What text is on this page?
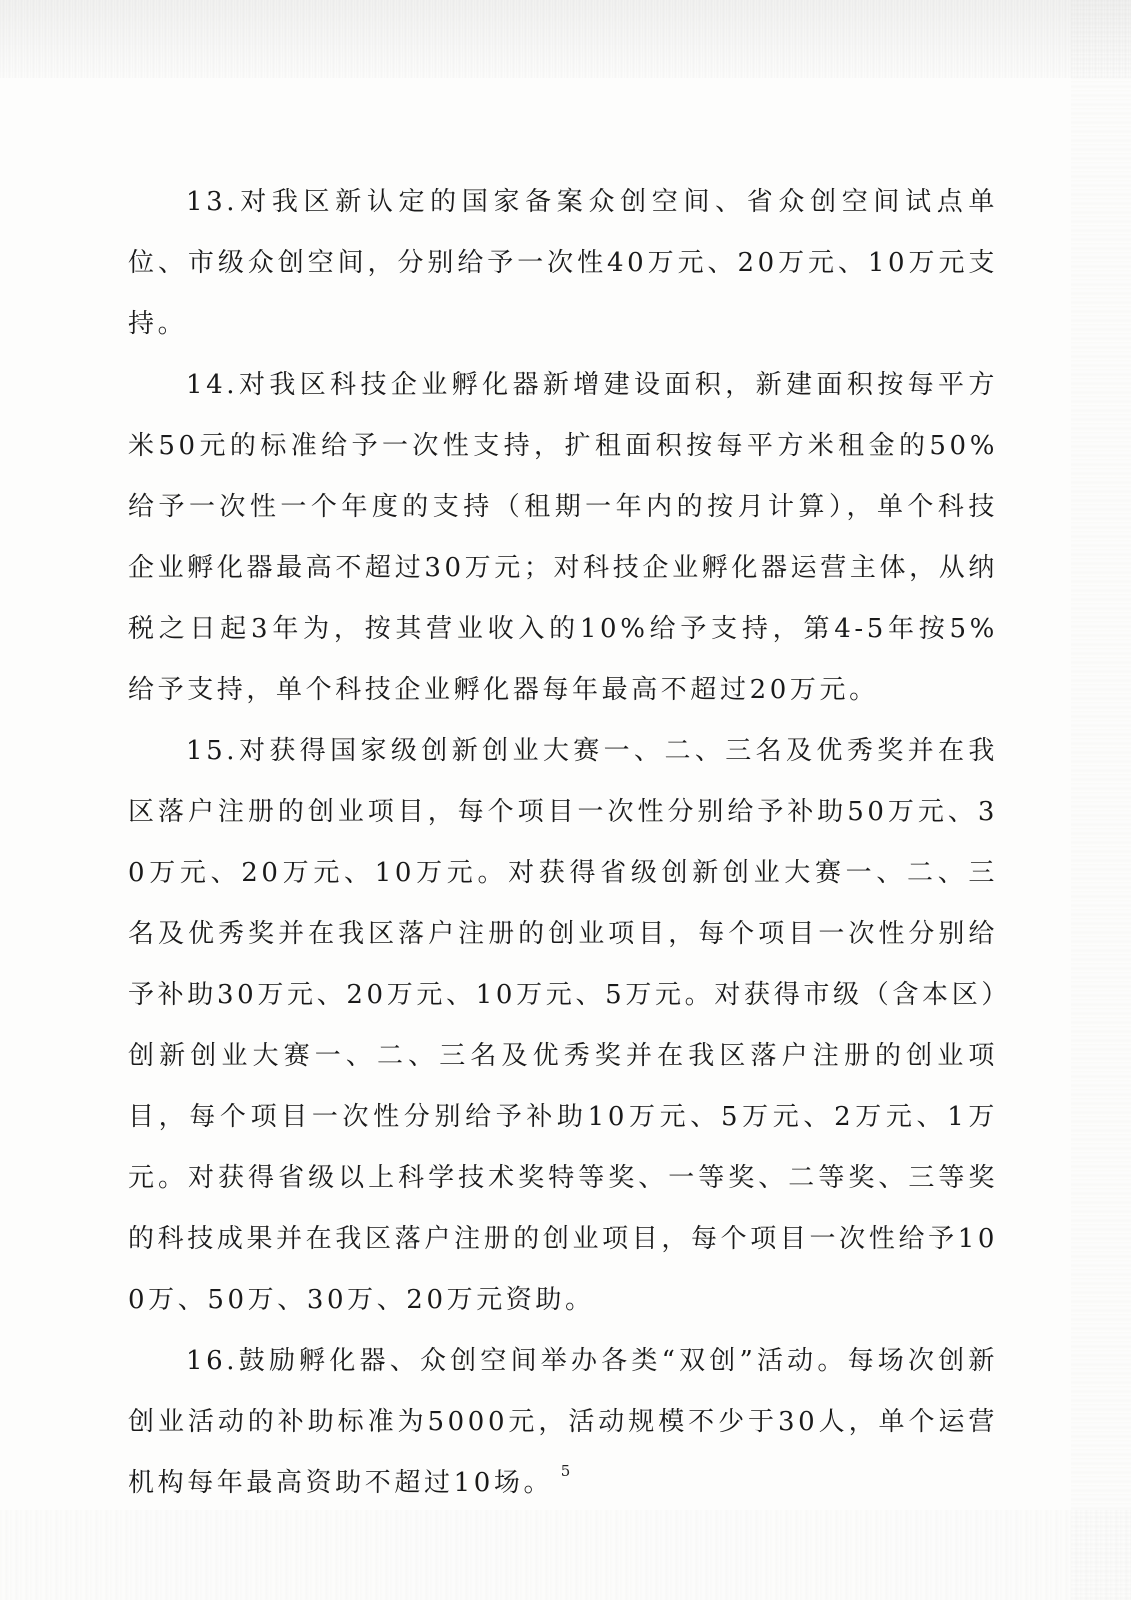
13.对我区新认定的国家备案众创空间、省众创空间试点单位、市级众创空间，分别给予一次性40万元、20万元、10万元支持。

14.对我区科技企业孵化器新增建设面积，新建面积按每平方米50元的标准给予一次性支持，扩租面积按每平方米租金的50%给予一次性一个年度的支持（租期一年内的按月计算），单个科技企业孵化器最高不超过30万元；对科技企业孵化器运营主体，从纳税之日起3年为，按其营业收入的10%给予支持，第4-5年按5%给予支持，单个科技企业孵化器每年最高不超过20万元。

15.对获得国家级创新创业大赛一、二、三名及优秀奖并在我区落户注册的创业项目，每个项目一次性分别给予补助50万元、30万元、20万元、10万元。对获得省级创新创业大赛一、二、三名及优秀奖并在我区落户注册的创业项目，每个项目一次性分别给予补助30万元、20万元、10万元、5万元。对获得市级（含本区）创新创业大赛一、二、三名及优秀奖并在我区落户注册的创业项目，每个项目一次性分别给予补助10万元、5万元、2万元、1万元。对获得省级以上科学技术奖特等奖、一等奖、二等奖、三等奖的科技成果并在我区落户注册的创业项目，每个项目一次性给予100万、50万、30万、20万元资助。

16.鼓励孵化器、众创空间举办各类“双创”活动。每场次创新创业活动的补助标准为5000元，活动规模不少于30人，单个运营机构每年最高资助不超过10场。 5
